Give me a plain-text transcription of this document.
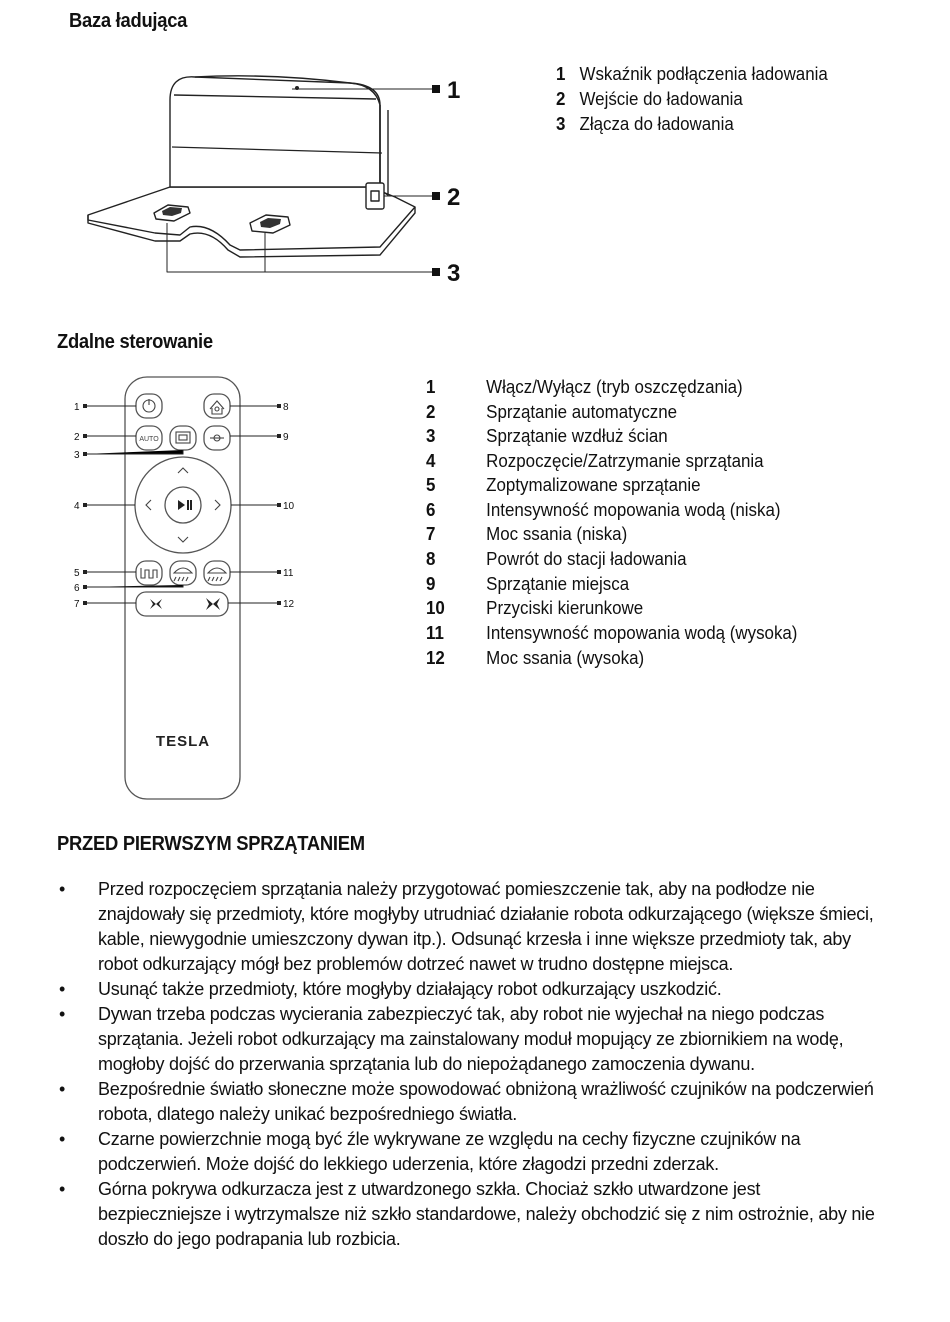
Baza ładująca
1
2
3
1 Wskaźnik podłączenia ładowania
2 Wejście do ładowania
3 Złącza do ładowania
Zdalne sterowanie
AUTO
TESLA
1
2
3
4
5
6
7
8
9
10
11
12
1	Włącz/Wyłącz (tryb oszczędzania)
2	Sprzątanie automatyczne
3	Sprzątanie wzdłuż ścian
4	Rozpoczęcie/Zatrzymanie sprzątania
5	Zoptymalizowane sprzątanie
6	Intensywność mopowania wodą (niska)
7	Moc ssania (niska)
8	Powrót do stacji ładowania
9	Sprzątanie miejsca
10 Przyciski kierunkowe
11 Intensywność mopowania wodą (wysoka)
12 Moc ssania (wysoka)
PRZED PIERWSZYM SPRZĄTANIEM
• Przed rozpoczęciem sprzątania należy przygotować pomieszczenie tak, aby na podłodze nie znajdowały się przedmioty, które mogłyby utrudniać działanie robota odkurzającego (większe śmieci, kable, niewygodnie umieszczony dywan itp.). Odsunąć krzesła i inne większe przedmioty tak, aby robot odkurzający mógł bez problemów dotrzeć nawet w trudno dostępne miejsca.
• Usunąć także przedmioty, które mogłyby działający robot odkurzający uszkodzić.
• Dywan trzeba podczas wycierania zabezpieczyć tak, aby robot nie wyjechał na niego podczas sprzątania. Jeżeli robot odkurzający ma zainstalowany moduł mopujący ze zbiornikiem na wodę, mogłoby dojść do przerwania sprzątania lub do niepożądanego zamoczenia dywanu.
• Bezpośrednie światło słoneczne może spowodować obniżoną wrażliwość czujników na podczerwień robota, dlatego należy unikać bezpośredniego światła.
• Czarne powierzchnie mogą być źle wykrywane ze względu na cechy fizyczne czujników na podczerwień. Może dojść do lekkiego uderzenia, które złagodzi przedni zderzak.
• Górna pokrywa odkurzacza jest z utwardzonego szkła. Chociaż szkło utwardzone jest bezpieczniejsze i wytrzymalsze niż szkło standardowe, należy obchodzić się z nim ostrożnie, aby nie doszło do jego podrapania lub rozbicia.
